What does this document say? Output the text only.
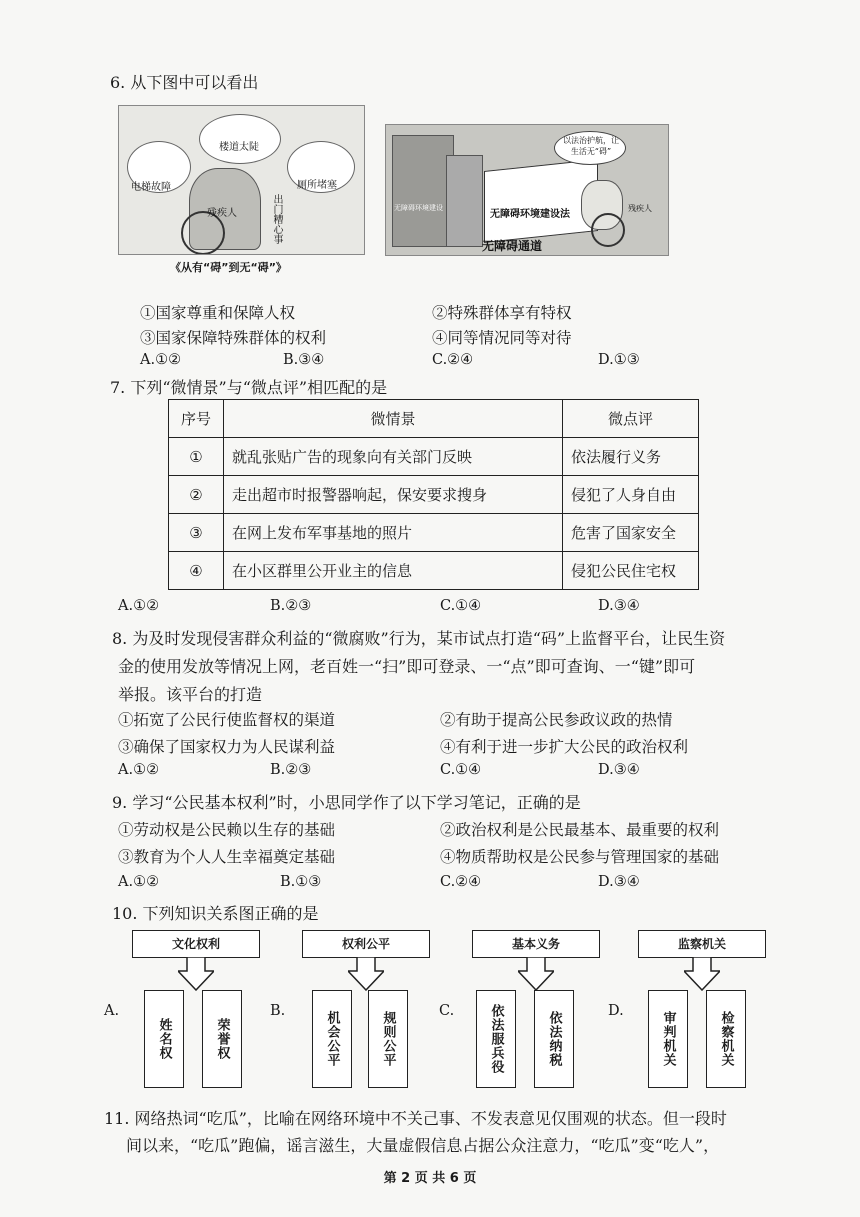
6. 从下图中可以看出
电梯故障
楼道太陡
出门糟心事
厕所堵塞
残疾人
《从有“碍”到无“碍”》
无障碍环境建设法
以法治护航，让生活无“碍”
无障碍环境建设	残疾人
无障碍通道
①国家尊重和保障人权	②特殊群体享有特权
③国家保障特殊群体的权利	④同等情况同等对待
A.①②	B.③④	C.②④	D.①③
7. 下列“微情景”与“微点评”相匹配的是
序号	微情景	微点评
①	就乱张贴广告的现象向有关部门反映	依法履行义务
②	走出超市时报警器响起，保安要求搜身	侵犯了人身自由
③	在网上发布军事基地的照片	危害了国家安全
④	在小区群里公开业主的信息	侵犯公民住宅权
A.①②	B.②③	C.①④	D.③④
8. 为及时发现侵害群众利益的“微腐败”行为，某市试点打造“码”上监督平台，让民生资
金的使用发放等情况上网，老百姓一“扫”即可登录、一“点”即可查询、一“键”即可
举报。该平台的打造
①拓宽了公民行使监督权的渠道	②有助于提高公民参政议政的热情
③确保了国家权力为人民谋利益	④有利于进一步扩大公民的政治权利
A.①②	B.②③	C.①④	D.③④
9. 学习“公民基本权利”时，小思同学作了以下学习笔记，正确的是
①劳动权是公民赖以生存的基础	②政治权利是公民最基本、最重要的权利
③教育为个人人生幸福奠定基础	④物质帮助权是公民参与管理国家的基础
A.①②	B.①③	C.②④	D.③④
10. 下列知识关系图正确的是
A.
文化权利
姓名权	荣誉权
B.
权利公平
机会公平	规则公平	C.
基本义务
依法服兵役	依法纳税	D.
监察机关
审判机关	检察机关
11. 网络热词“吃瓜”，比喻在网络环境中不关己事、不发表意见仅围观的状态。但一段时
间以来，“吃瓜”跑偏，谣言滋生，大量虚假信息占据公众注意力，“吃瓜”变“吃人”，
第 2 页 共 6 页
